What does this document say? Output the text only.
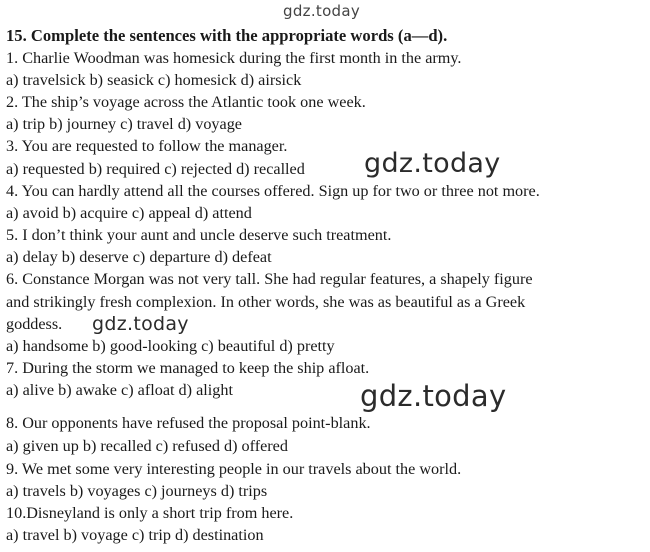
gdz.today
15. Complete the sentences with the appropriate words (a—d).
1. Charlie Woodman was homesick during the first month in the army.
a) travelsick b) seasick c) homesick d) airsick
2. The ship’s voyage across the Atlantic took one week.
a) trip b) journey c) travel d) voyage
3. You are requested to follow the manager.
a) requested b) required c) rejected d) recalled
4. You can hardly attend all the courses offered. Sign up for two or three not more.
a) avoid b) acquire c) appeal d) attend
5. I don’t think your aunt and uncle deserve such treatment.
a) delay b) deserve c) departure d) defeat
6. Constance Morgan was not very tall. She had regular features, a shapely figure
and strikingly fresh complexion. In other words, she was as beautiful as a Greek
goddess.
a) handsome b) good-looking c) beautiful d) pretty
7. During the storm we managed to keep the ship afloat.
a) alive b) awake c) afloat d) alight
8. Our opponents have refused the proposal point-blank.
a) given up b) recalled c) refused d) offered
9. We met some very interesting people in our travels about the world.
a) travels b) voyages c) journeys d) trips
10.Disneyland is only a short trip from here.
a) travel b) voyage c) trip d) destination
gdz.today
gdz.today
gdz.today
